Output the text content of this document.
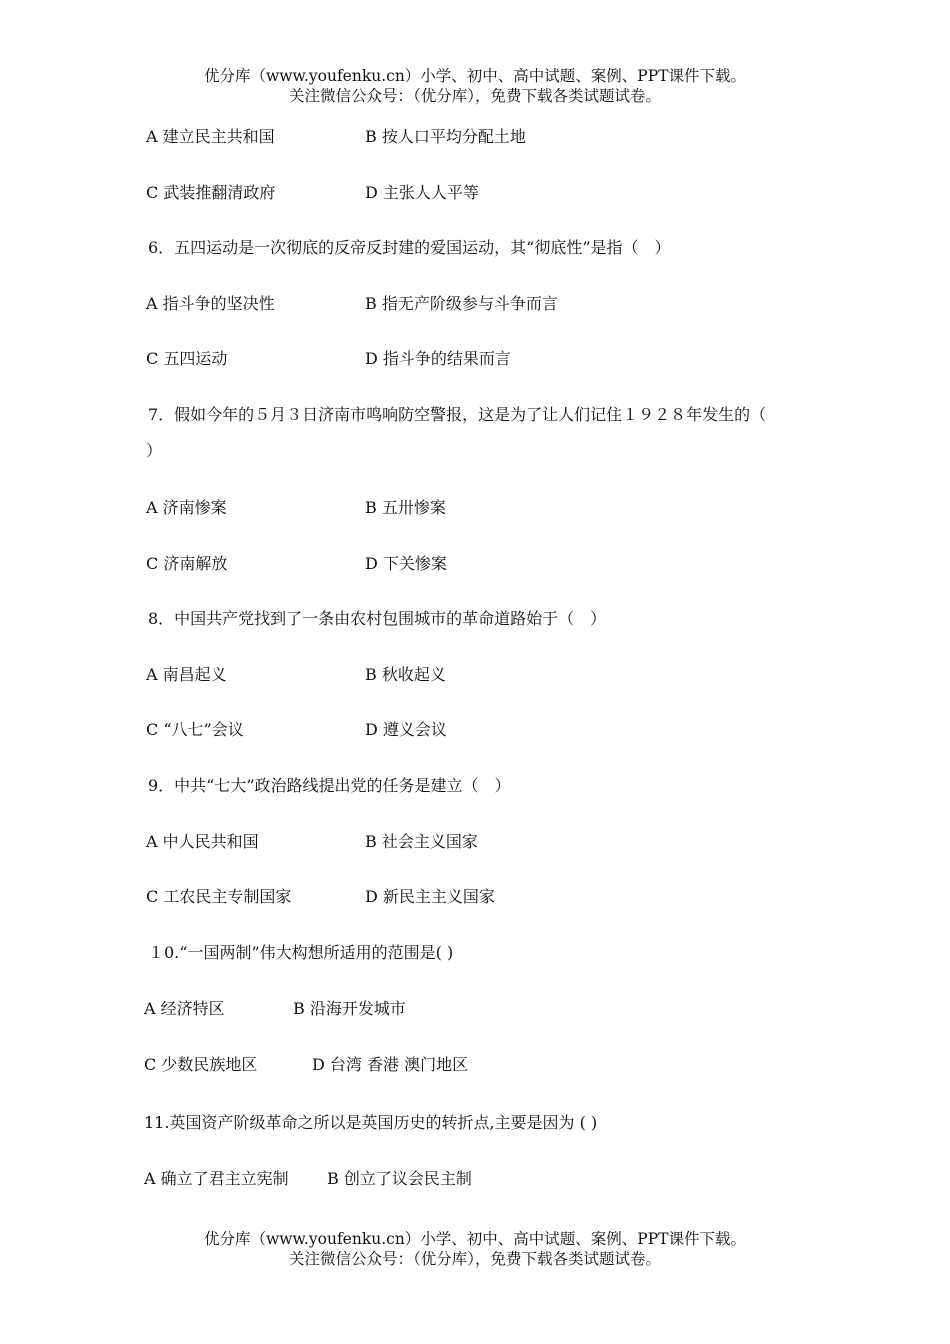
优分库（www.youfenku.cn）小学、初中、高中试题、案例、PPT课件下载。
关注微信公众号：（优分库），免费下载各类试题试卷。
A 建立民主共和国	B 按人口平均分配土地
C 武装推翻清政府	D 主张人人平等
6．五四运动是一次彻底的反帝反封建的爱国运动，其“彻底性”是指（　）
A 指斗争的坚决性	B 指无产阶级参与斗争而言
C 五四运动	D 指斗争的结果而言
7．假如今年的５月３日济南市鸣响防空警报，这是为了让人们记住１９２８年发生的（
）
A 济南惨案	B 五卅惨案
C 济南解放	D 下关惨案
8．中国共产党找到了一条由农村包围城市的革命道路始于（　）
A 南昌起义	B 秋收起义
C “八七”会议	D 遵义会议
9．中共“七大”政治路线提出党的任务是建立（　）
A 中人民共和国	B 社会主义国家
C 工农民主专制国家	D 新民主主义国家
１0.“一国两制”伟大构想所适用的范围是( )
A 经济特区	B 沿海开发城市
C 少数民族地区	D 台湾 香港 澳门地区
11.英国资产阶级革命之所以是英国历史的转折点,主要是因为 ( )
A 确立了君主立宪制 B 创立了议会民主制
优分库（www.youfenku.cn）小学、初中、高中试题、案例、PPT课件下载。
关注微信公众号：（优分库），免费下载各类试题试卷。
